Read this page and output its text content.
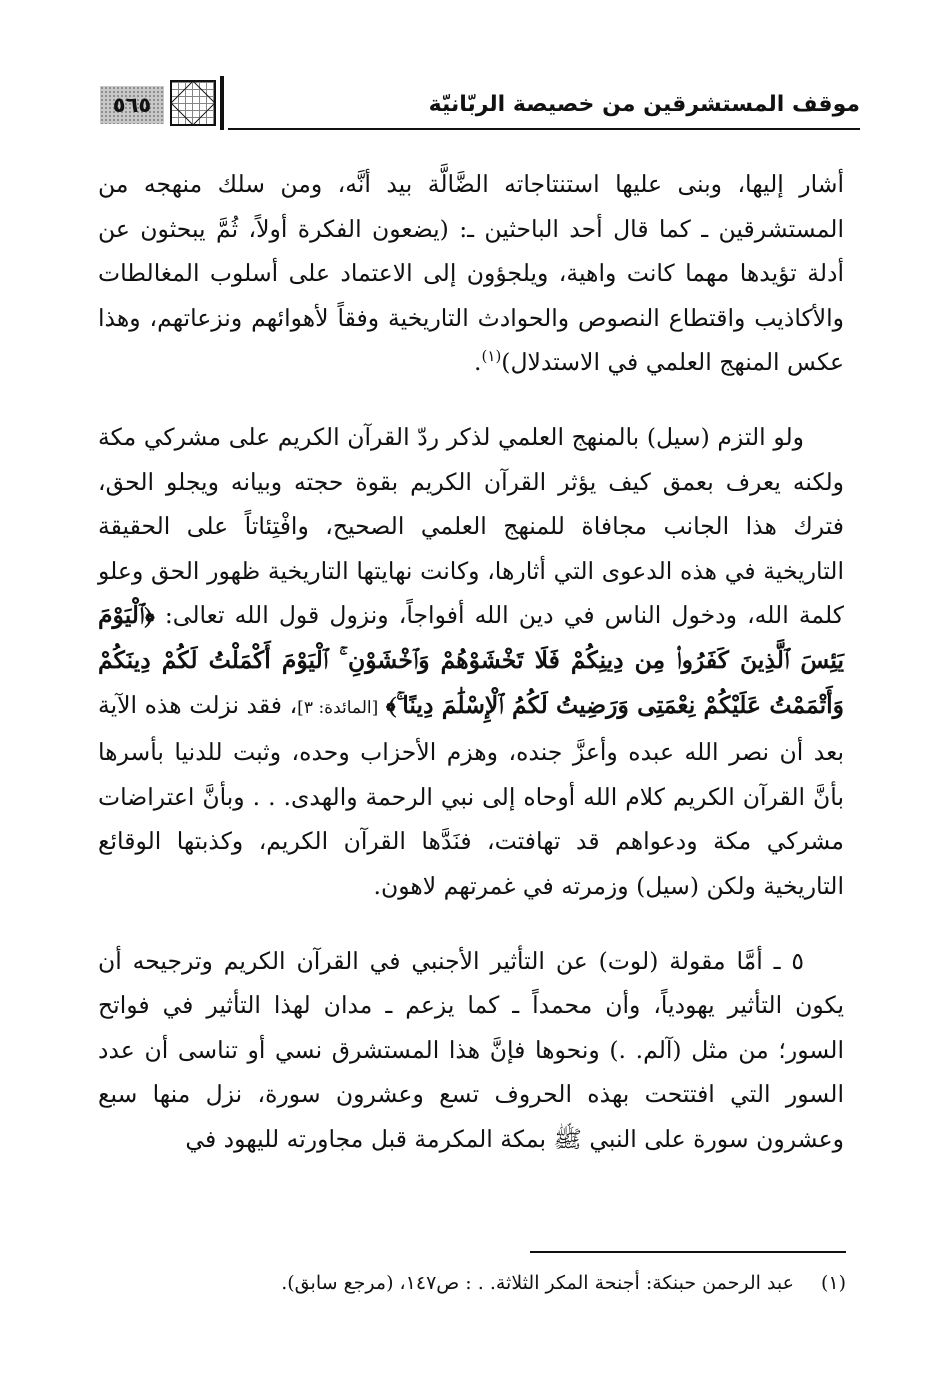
موقف المستشرقين من خصيصة الربّانيّة
٥٦٥

أشار إليها، وبنى عليها استنتاجاته الضَّالَّة بيد أنَّه، ومن سلك منهجه من المستشرقين ـ كما قال أحد الباحثين ـ: (يضعون الفكرة أولاً، ثُمَّ يبحثون عن أدلة تؤيدها مهما كانت واهية، ويلجؤون إلى الاعتماد على أسلوب المغالطات والأكاذيب واقتطاع النصوص والحوادث التاريخية وفقاً لأهوائهم ونزعاتهم، وهذا عكس المنهج العلمي في الاستدلال)$^{(١)}$.

ولو التزم (سيل) بالمنهج العلمي لذكر ردّ القرآن الكريم على مشركي مكة ولكنه يعرف بعمق كيف يؤثر القرآن الكريم بقوة حجته وبيانه ويجلو الحق، فترك هذا الجانب مجافاة للمنهج العلمي الصحيح، وافْتِئاتاً على الحقيقة التاريخية في هذه الدعوى التي أثارها، وكانت نهايتها التاريخية ظهور الحق وعلو كلمة الله، ودخول الناس في دين الله أفواجاً، ونزول قول الله تعالى: ﴿ٱلْيَوْمَ يَئِسَ ٱلَّذِينَ كَفَرُوا۟ مِن دِينِكُمْ فَلَا تَخْشَوْهُمْ وَٱخْشَوْنِ ۚ ٱلْيَوْمَ أَكْمَلْتُ لَكُمْ دِينَكُمْ وَأَتْمَمْتُ عَلَيْكُمْ نِعْمَتِى وَرَضِيتُ لَكُمُ ٱلْإِسْلَٰمَ دِينًا ۚ﴾ [المائدة: ٣]، فقد نزلت هذه الآية بعد أن نصر الله عبده وأعزَّ جنده، وهزم الأحزاب وحده، وثبت للدنيا بأسرها بأنَّ القرآن الكريم كلام الله أوحاه إلى نبي الرحمة والهدى. . . وبأنَّ اعتراضات مشركي مكة ودعواهم قد تهافتت، فنَدَّها القرآن الكريم، وكذبتها الوقائع التاريخية ولكن (سيل) وزمرته في غمرتهم لاهون.

٥ ـ أمَّا مقولة (لوت) عن التأثير الأجنبي في القرآن الكريم وترجيحه أن يكون التأثير يهودياً، وأن محمداً ـ كما يزعم ـ مدان لهذا التأثير في فواتح السور؛ من مثل (آلم. .) ونحوها فإنَّ هذا المستشرق نسي أو تناسى أن عدد السور التي افتتحت بهذه الحروف تسع وعشرون سورة، نزل منها سبع وعشرون سورة على النبي ﷺ بمكة المكرمة قبل مجاورته لليهود في

(١)عبد الرحمن حبنكة: أجنحة المكر الثلاثة. . : ص١٤٧، (مرجع سابق).
